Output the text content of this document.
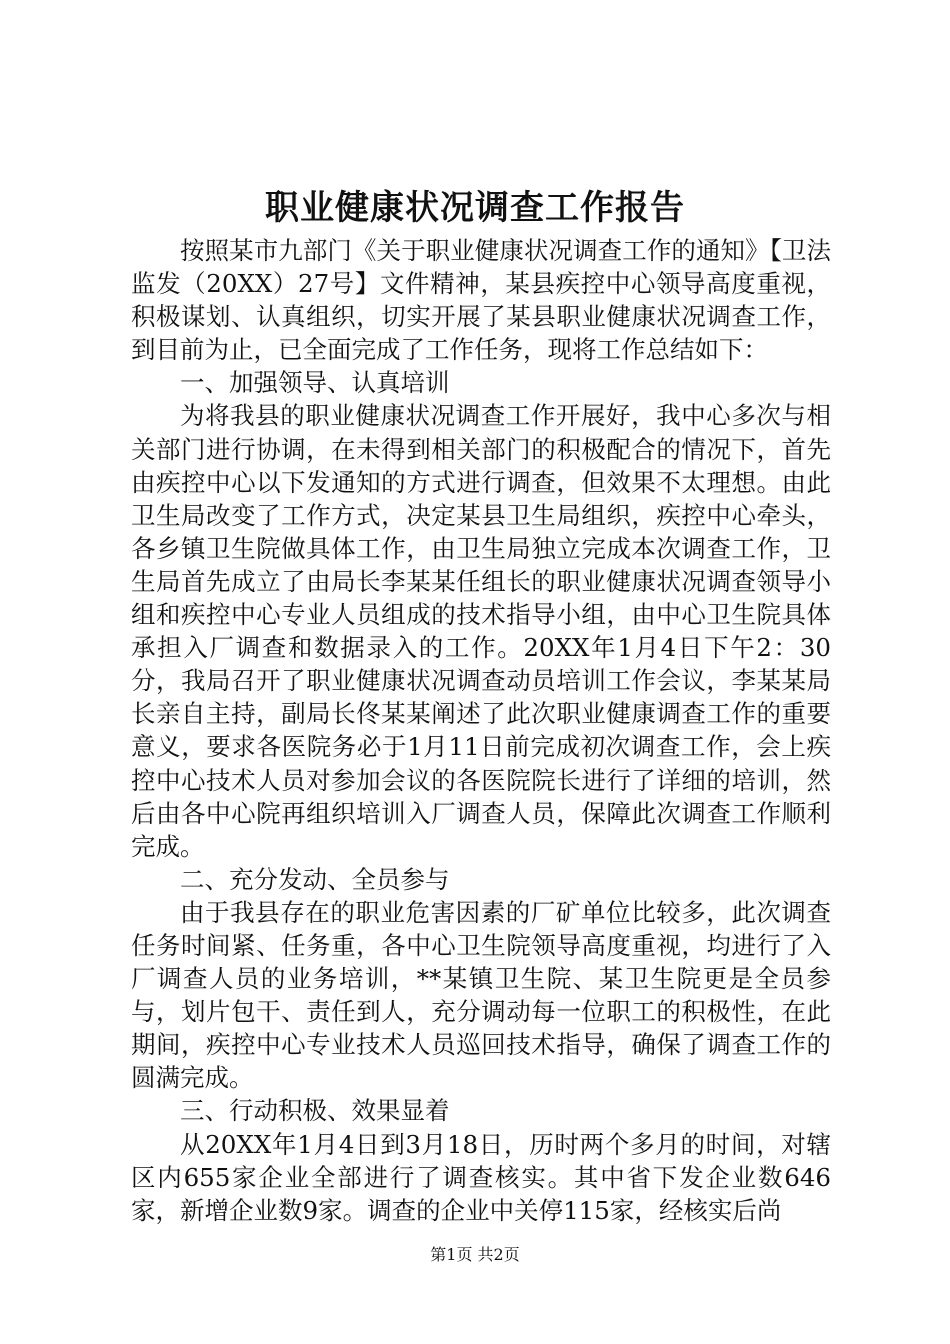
职业健康状况调查工作报告

按照某市九部门《关于职业健康状况调查工作的通知》【卫法监发（20XX）27号】文件精神，某县疾控中心领导高度重视，积极谋划、认真组织，切实开展了某县职业健康状况调查工作，到目前为止，已全面完成了工作任务，现将工作总结如下：

一、加强领导、认真培训

为将我县的职业健康状况调查工作开展好，我中心多次与相关部门进行协调，在未得到相关部门的积极配合的情况下，首先由疾控中心以下发通知的方式进行调查，但效果不太理想。由此卫生局改变了工作方式，决定某县卫生局组织，疾控中心牵头，各乡镇卫生院做具体工作，由卫生局独立完成本次调查工作，卫生局首先成立了由局长李某某任组长的职业健康状况调查领导小组和疾控中心专业人员组成的技术指导小组，由中心卫生院具体承担入厂调查和数据录入的工作。20XX年1月4日下午2：30分，我局召开了职业健康状况调查动员培训工作会议，李某某局长亲自主持，副局长佟某某阐述了此次职业健康调查工作的重要意义，要求各医院务必于1月11日前完成初次调查工作，会上疾控中心技术人员对参加会议的各医院院长进行了详细的培训，然后由各中心院再组织培训入厂调查人员，保障此次调查工作顺利完成。

二、充分发动、全员参与

由于我县存在的职业危害因素的厂矿单位比较多，此次调查任务时间紧、任务重，各中心卫生院领导高度重视，均进行了入厂调查人员的业务培训，**某镇卫生院、某卫生院更是全员参与，划片包干、责任到人，充分调动每一位职工的积极性，在此期间，疾控中心专业技术人员巡回技术指导，确保了调查工作的圆满完成。

三、行动积极、效果显着

从20XX年1月4日到3月18日，历时两个多月的时间，对辖区内655家企业全部进行了调查核实。其中省下发企业数646家，新增企业数9家。调查的企业中关停115家，经核实后尚

第1页 共2页
